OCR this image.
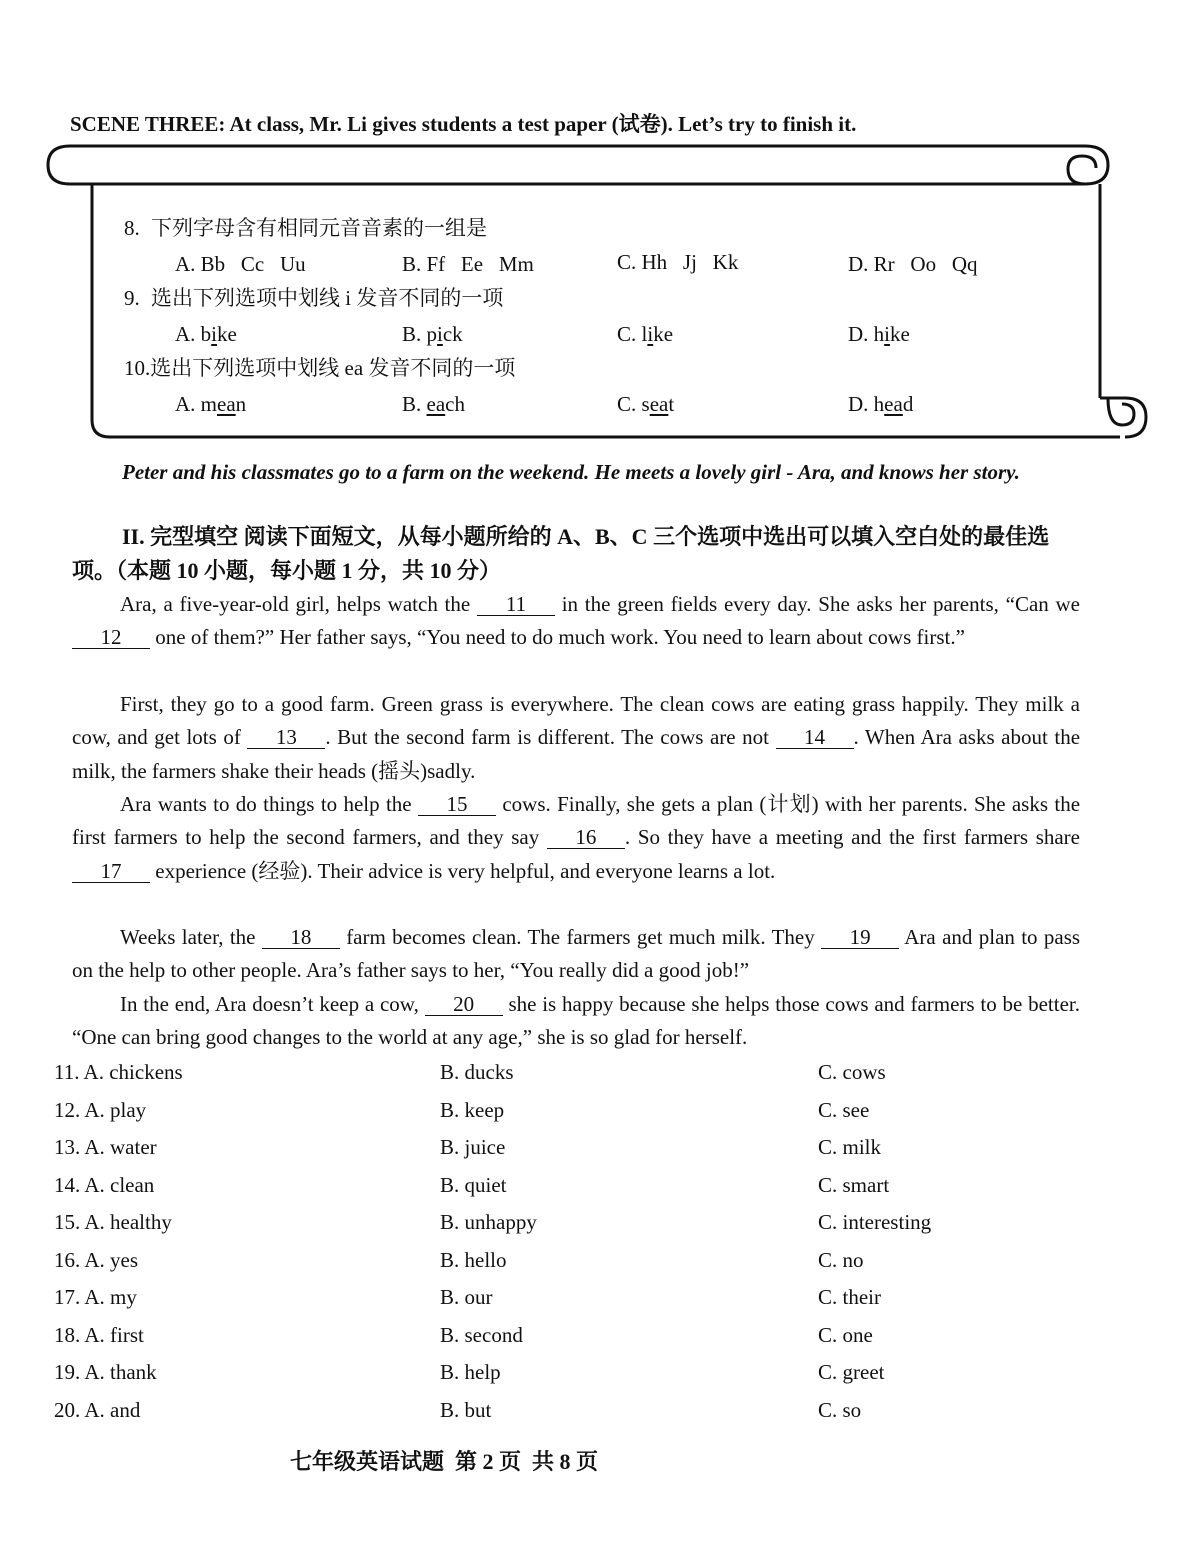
SCENE THREE: At class, Mr. Li gives students a test paper (试卷). Let’s try to finish it.
8. 下列字母含有相同元音音素的一组是
A. Bb   Cc   Uu	B. Ff   Ee   Mm	C. Hh   Jj   Kk	D. Rr   Oo   Qq
9. 选出下列选项中划线 i 发音不同的一项
A. bike	B. pick	C. like	D. hike
10.选出下列选项中划线 ea 发音不同的一项
A. mean	B. each	C. seat	D. head
Peter and his classmates go to a farm on the weekend. He meets a lovely girl - Ara, and knows her story.
II. 完型填空 阅读下面短文，从每小题所给的 A、B、C 三个选项中选出可以填入空白处的最佳选项。（本题 10 小题，每小题 1 分，共 10 分）
Ara, a five-year-old girl, helps watch the 11 in the green fields every day. She asks her parents, “Can we 12 one of them?” Her father says, “You need to do much work. You need to learn about cows first.”
First, they go to a good farm. Green grass is everywhere. The clean cows are eating grass happily. They milk a cow, and get lots of 13 . But the second farm is different. The cows are not 14 . When Ara asks about the milk, the farmers shake their heads (摇头)sadly.
Ara wants to do things to help the 15 cows. Finally, she gets a plan (计划) with her parents. She asks the first farmers to help the second farmers, and they say 16 . So they have a meeting and the first farmers share 17 experience (经验). Their advice is very helpful, and everyone learns a lot.
Weeks later, the 18 farm becomes clean. The farmers get much milk. They 19 Ara and plan to pass on the help to other people. Ara’s father says to her, “You really did a good job!”
In the end, Ara doesn’t keep a cow, 20 she is happy because she helps those cows and farmers to be better. “One can bring good changes to the world at any age,” she is so glad for herself.
11. A. chickens	B. ducks	C. cows
12. A. play	B. keep	C. see
13. A. water	B. juice	C. milk
14. A. clean	B. quiet	C. smart
15. A. healthy	B. unhappy	C. interesting
16. A. yes	B. hello	C. no
17. A. my	B. our	C. their
18. A. first	B. second	C. one
19. A. thank	B. help	C. greet
20. A. and	B. but	C. so
七年级英语试题  第 2 页  共 8 页
